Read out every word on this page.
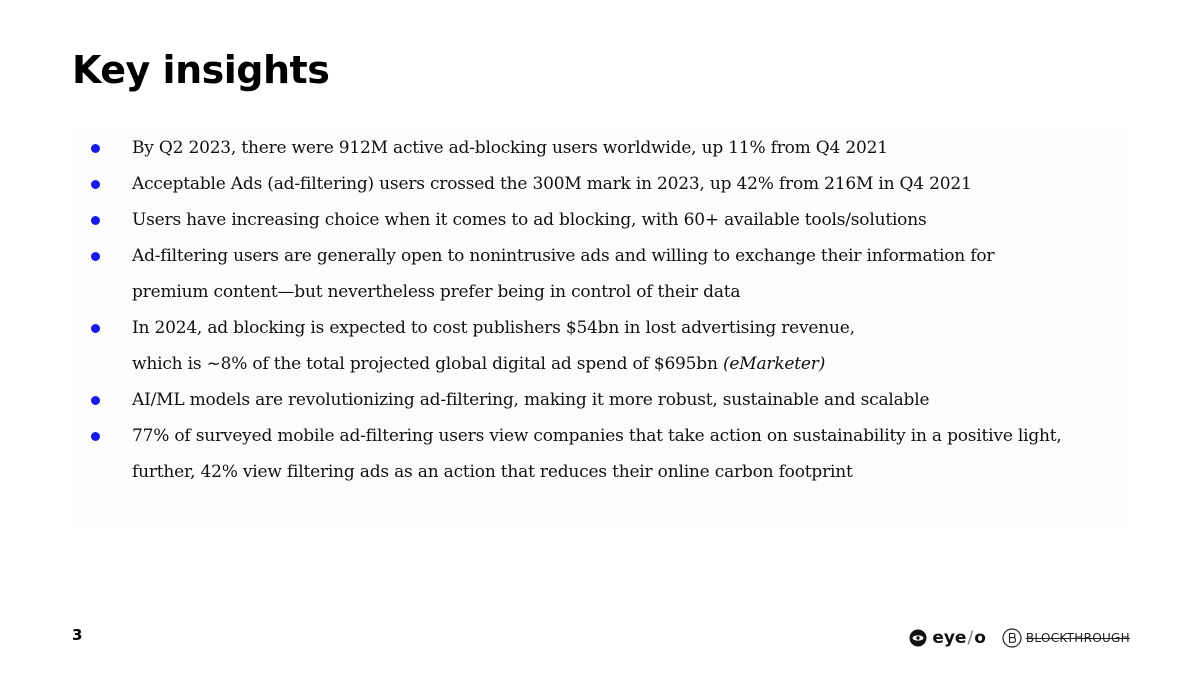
Key insights
By Q2 2023, there were 912M active ad-blocking users worldwide, up 11% from Q4 2021
Acceptable Ads (ad-filtering) users crossed the 300M mark in 2023, up 42% from 216M in Q4 2021
Users have increasing choice when it comes to ad blocking, with 60+ available tools/solutions
Ad-filtering users are generally open to nonintrusive ads and willing to exchange their information for
premium content—but nevertheless prefer being in control of their data
In 2024, ad blocking is expected to cost publishers $54bn in lost advertising revenue,
which is ~8% of the total projected global digital ad spend of $695bn (eMarketer)
AI/ML models are revolutionizing ad-filtering, making it more robust, sustainable and scalable
77% of surveyed mobile ad-filtering users view companies that take action on sustainability in a positive light,
further, 42% view filtering ads as an action that reduces their online carbon footprint
3	eye / o	BLOCKTHROUGH
